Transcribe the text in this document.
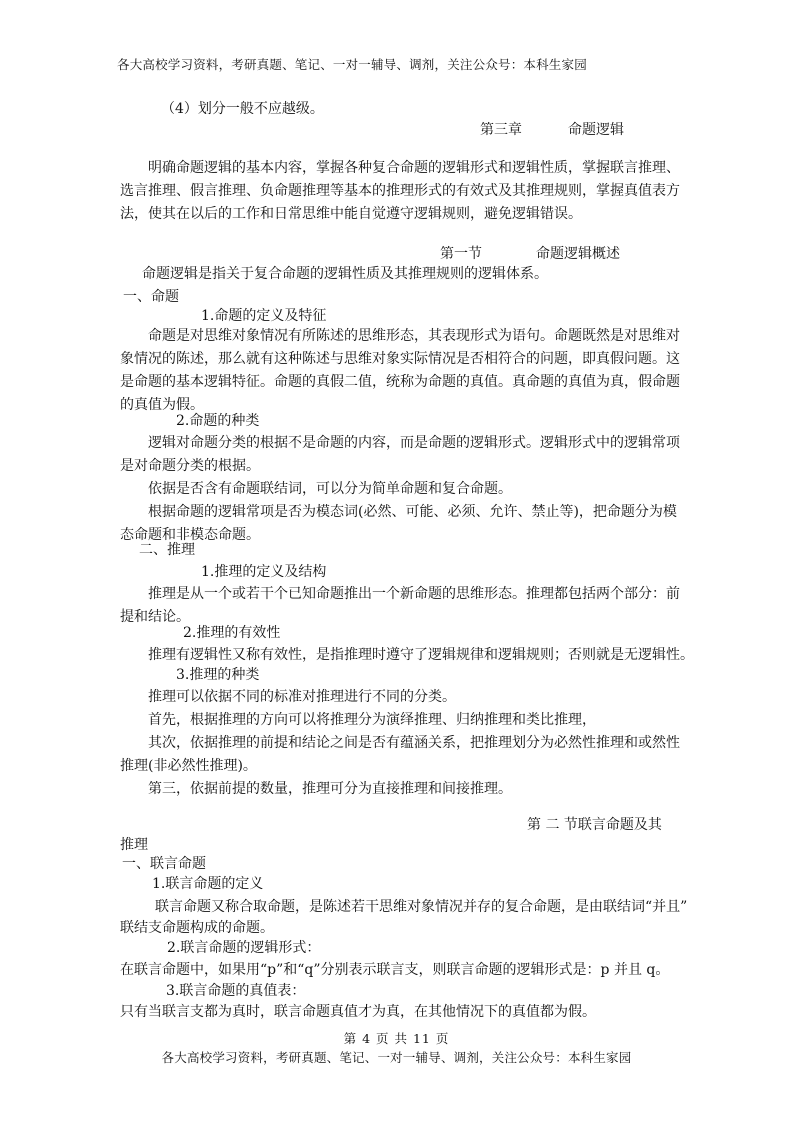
各大高校学习资料，考研真题、笔记、一对一辅导、调剂，关注公众号：本科生家园
（4）划分一般不应越级。
第三章	命题逻辑
明确命题逻辑的基本内容，掌握各种复合命题的逻辑形式和逻辑性质，掌握联言推理、
选言推理、假言推理、负命题推理等基本的推理形式的有效式及其推理规则，掌握真值表方
法，使其在以后的工作和日常思维中能自觉遵守逻辑规则，避免逻辑错误。
第一节	命题逻辑概述
命题逻辑是指关于复合命题的逻辑性质及其推理规则的逻辑体系。
一、命题
1.命题的定义及特征
命题是对思维对象情况有所陈述的思维形态，其表现形式为语句。命题既然是对思维对
象情况的陈述，那么就有这种陈述与思维对象实际情况是否相符合的问题，即真假问题。这
是命题的基本逻辑特征。命题的真假二值，统称为命题的真值。真命题的真值为真，假命题
的真值为假。
2.命题的种类
逻辑对命题分类的根据不是命题的内容，而是命题的逻辑形式。逻辑形式中的逻辑常项
是对命题分类的根据。
依据是否含有命题联结词，可以分为简单命题和复合命题。
根据命题的逻辑常项是否为模态词(必然、可能、必须、允许、禁止等)，把命题分为模
态命题和非模态命题。
二、推理
1.推理的定义及结构
推理是从一个或若干个已知命题推出一个新命题的思维形态。推理都包括两个部分：前
提和结论。
2.推理的有效性
推理有逻辑性又称有效性，是指推理时遵守了逻辑规律和逻辑规则；否则就是无逻辑性。
3.推理的种类
推理可以依据不同的标准对推理进行不同的分类。
首先，根据推理的方向可以将推理分为演绎推理、归纳推理和类比推理，
其次，依据推理的前提和结论之间是否有蕴涵关系，把推理划分为必然性推理和或然性
推理(非必然性推理)。
第三，依据前提的数量，推理可分为直接推理和间接推理。
第 二 节联言命题及其
推理
一、联言命题
1.联言命题的定义
联言命题又称合取命题，是陈述若干思维对象情况并存的复合命题，是由联结词“并且”
联结支命题构成的命题。
2.联言命题的逻辑形式：
在联言命题中，如果用“p”和“q”分别表示联言支，则联言命题的逻辑形式是：p 并且 q。
3.联言命题的真值表：
只有当联言支都为真时，联言命题真值才为真，在其他情况下的真值都为假。
第 4 页 共 11 页
各大高校学习资料，考研真题、笔记、一对一辅导、调剂，关注公众号：本科生家园
